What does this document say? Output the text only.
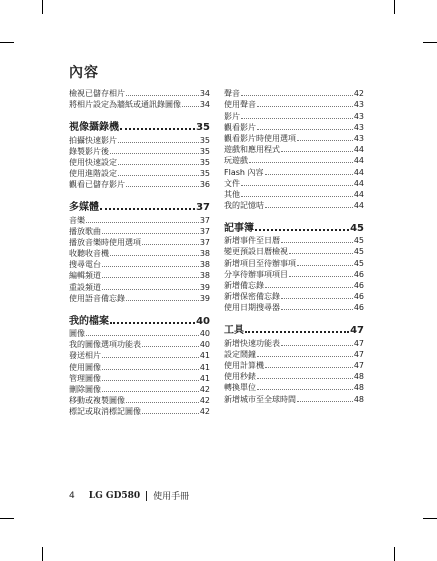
內容
檢視已儲存相片	34
將相片設定為牆紙或通訊錄圖像 34
視像攝錄機	35
拍攝快速影片	35
錄製影片後	35
使用快速設定	35
使用進階設定	35
觀看已儲存影片	36
多媒體	37
音樂	37
播放歌曲	37
播放音樂時使用選項	37
收聽收音機	38
搜尋電台	38
編輯頻道	38
重設頻道	39
使用語音備忘錄	39
我的檔案	40
圖像	40
我的圖像選項功能表	40
發送相片	41
使用圖像	41
管理圖像	41
刪除圖像	42
移動或複製圖像	42
標記或取消標記圖像	42
聲音	42
使用聲音	43
影片	43
觀看影片	43
觀看影片時使用選項	43
遊戲和應用程式	44
玩遊戲	44
Flash 內容	44
文件	44
其他	44
我的記憶咭	44
記事簿	45
新增事件至日曆	45
變更預設日曆檢視	45
新增項目至待辦事項	45
分享待辦事項項目	46
新增備忘錄	46
新增保密備忘錄	46
使用日期搜尋器	46
工具	47
新增快速功能表	47
設定鬧鐘	47
使用計算機	47
使用秒錶	48
轉換單位	48
新增城市至全球時間	48
4 LG GD580 使用手冊
